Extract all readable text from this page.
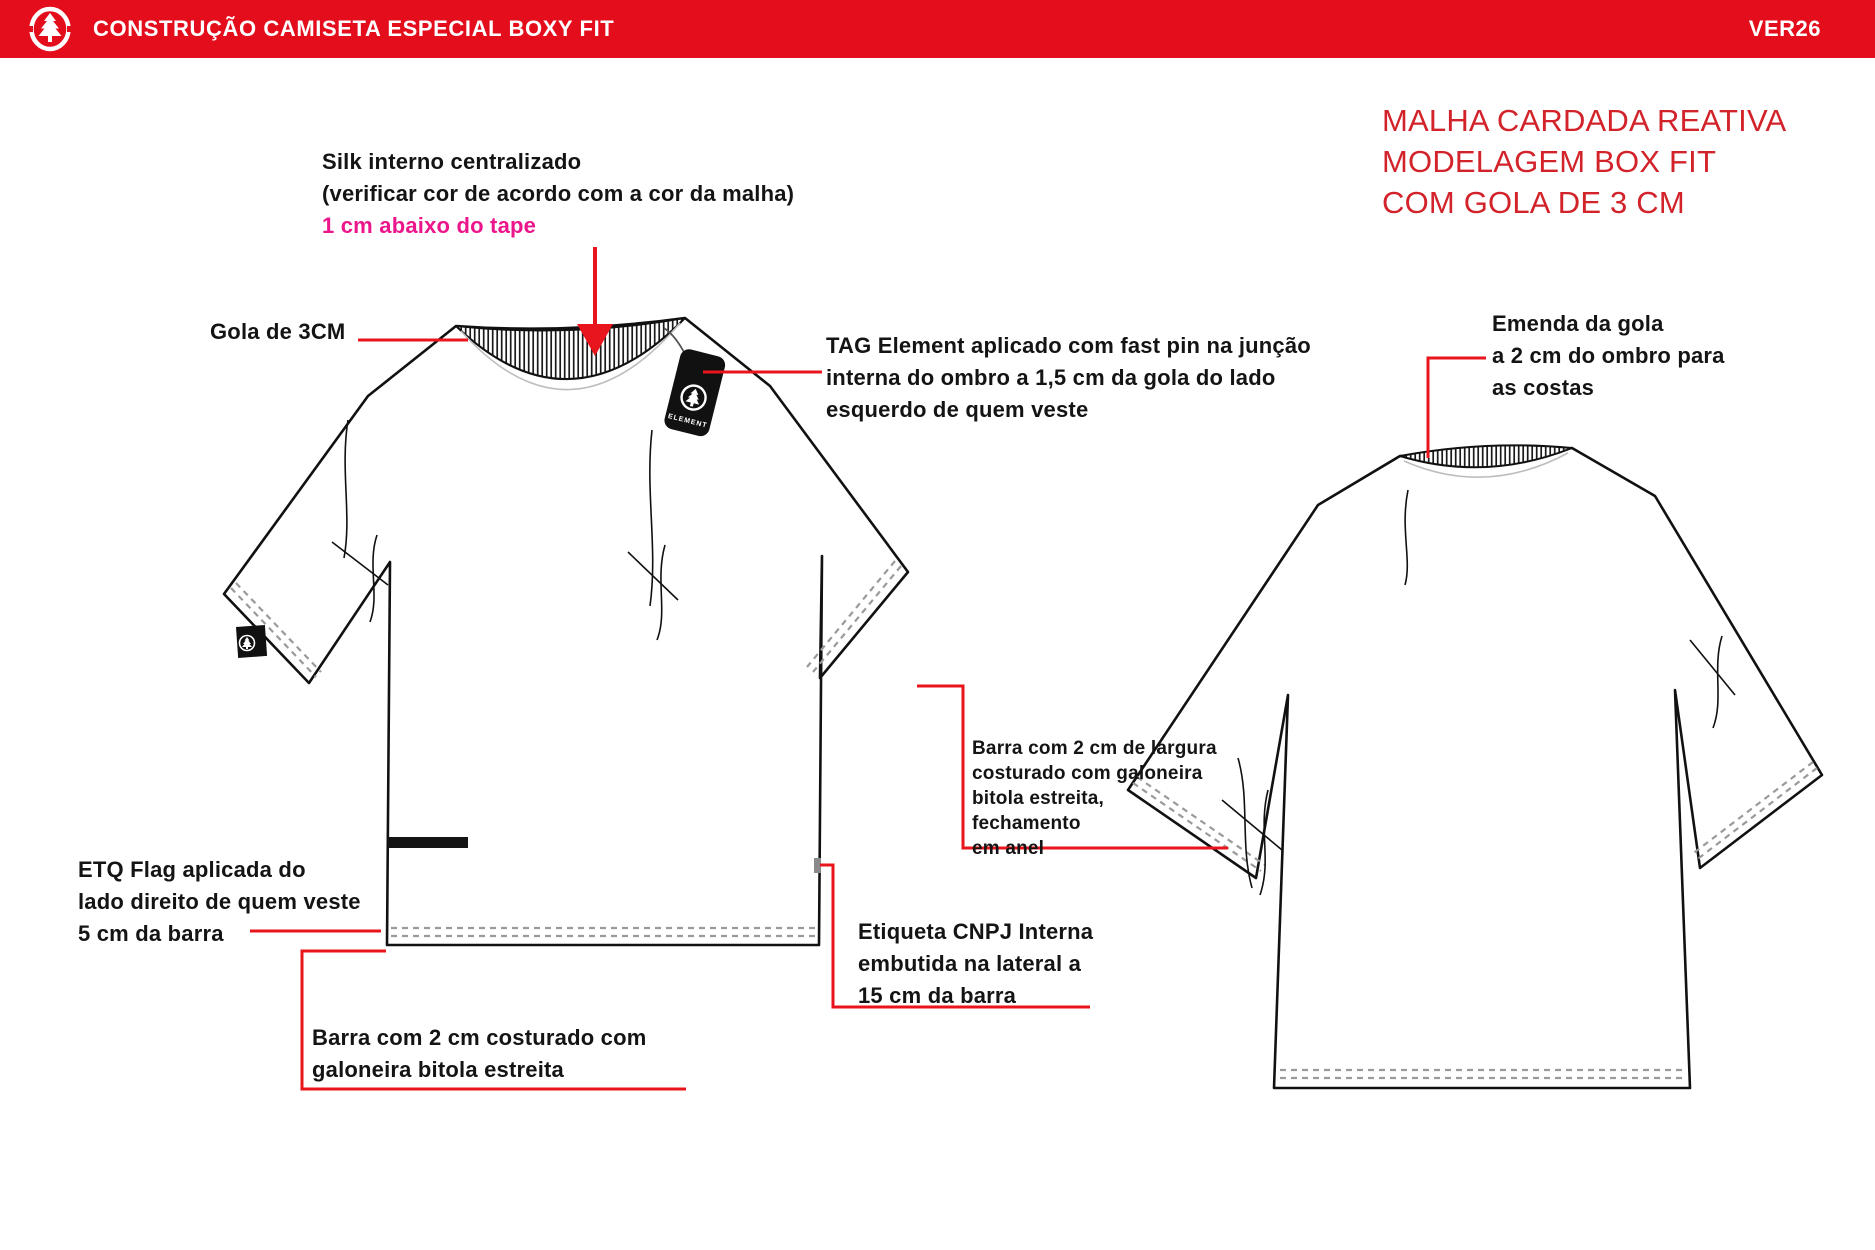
CONSTRUÇÃO CAMISETA ESPECIAL BOXY FIT	VER26
ELEMENT
Silk interno centralizado
(verificar cor de acordo com a cor da malha)
1 cm abaixo do tape
Gola de 3CM
TAG Element aplicado com fast pin na junção
interna do ombro a 1,5 cm da gola do lado
esquerdo de quem veste
MALHA CARDADA REATIVA
MODELAGEM BOX FIT
COM GOLA DE 3 CM
Emenda da gola
a 2 cm do ombro para
as costas
Barra com 2 cm de largura
costurado com galoneira
bitola estreita,
fechamento
em anel
ETQ Flag aplicada do
lado direito de quem veste
5 cm da barra
Barra com 2 cm costurado com
galoneira bitola estreita
Etiqueta CNPJ Interna
embutida na lateral a
15 cm da barra
